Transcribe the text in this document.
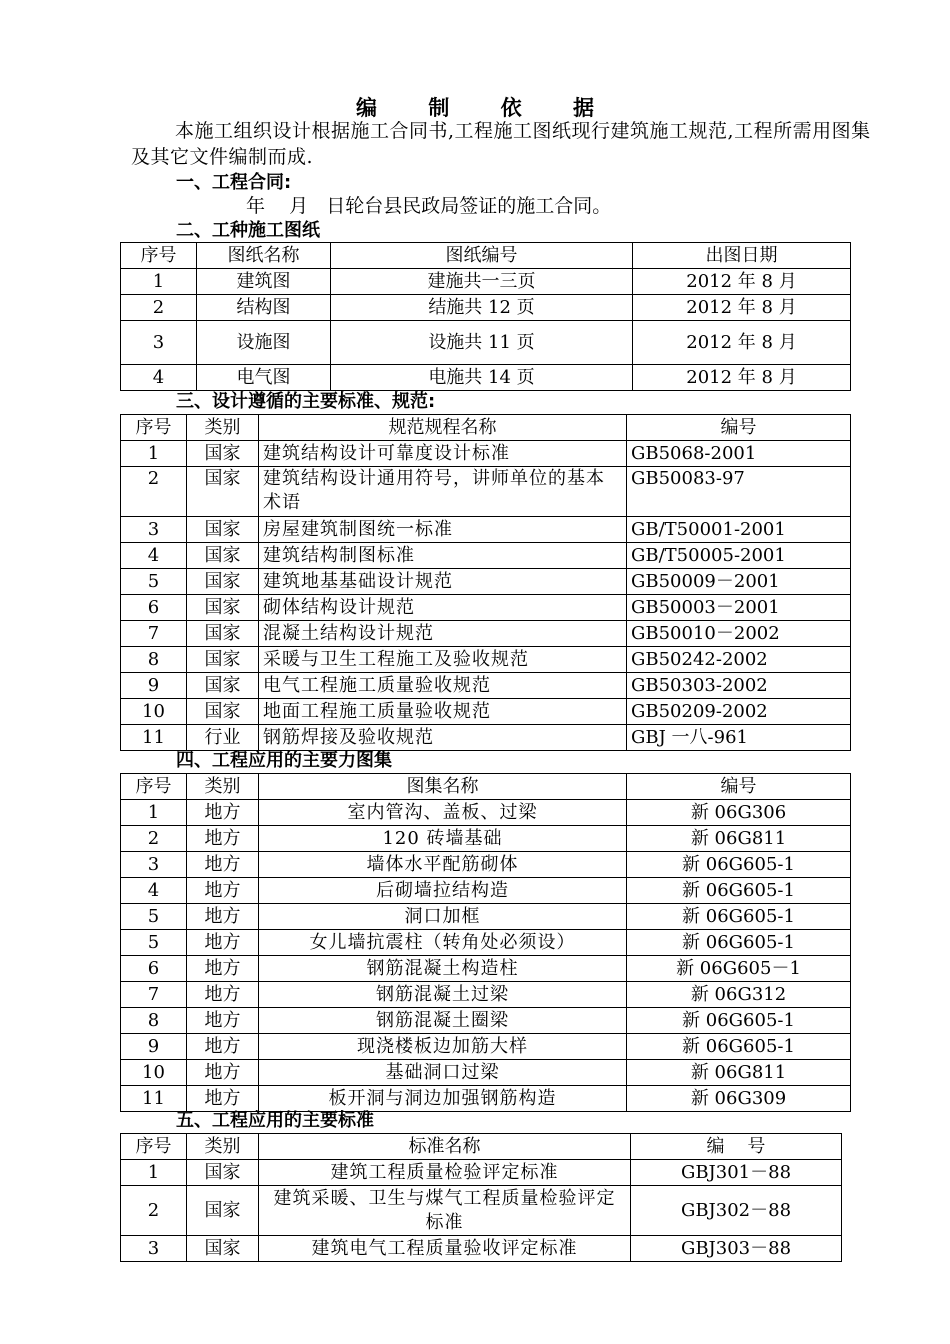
编 制 依 据
本施工组织设计根据施工合同书,工程施工图纸现行建筑施工规范,工程所需用图集及其它文件编制而成.
一、工程合同:
年    月   日轮台县民政局签证的施工合同。
二、工种施工图纸
序号	图纸名称	图纸编号	出图日期
1	建筑图	建施共一三页	2012 年 8 月
2	结构图	结施共 12 页	2012 年 8 月
3	设施图	设施共 11 页	2012 年 8 月
4	电气图	电施共 14 页	2012 年 8 月
三、设计遵循的主要标准、规范:
序号	类别	规范规程名称	编号
1	国家	建筑结构设计可靠度设计标准	GB5068-2001
2	国家	建筑结构设计通用符号，讲师单位的基本术语	GB50083-97
3	国家	房屋建筑制图统一标准	GB/T50001-2001
4	国家	建筑结构制图标准	GB/T50005-2001
5	国家	建筑地基基础设计规范	GB50009－2001
6	国家	砌体结构设计规范	GB50003－2001
7	国家	混凝土结构设计规范	GB50010－2002
8	国家	采暖与卫生工程施工及验收规范	GB50242-2002
9	国家	电气工程施工质量验收规范	GB50303-2002
10	国家	地面工程施工质量验收规范	GB50209-2002
11	行业	钢筋焊接及验收规范	GBJ 一八-961
四、工程应用的主要力图集
序号	类别	图集名称	编号
1	地方	室内管沟、盖板、过梁	新 06G306
2	地方	120 砖墙基础	新 06G811
3	地方	墙体水平配筋砌体	新 06G605-1
4	地方	后砌墙拉结构造	新 06G605-1
5	地方	洞口加框	新 06G605-1
5	地方	女儿墙抗震柱（转角处必须设）	新 06G605-1
6	地方	钢筋混凝土构造柱	新 06G605－1
7	地方	钢筋混凝土过梁	新 06G312
8	地方	钢筋混凝土圈梁	新 06G605-1
9	地方	现浇楼板边加筋大样	新 06G605-1
10	地方	基础洞口过梁	新 06G811
11	地方	板开洞与洞边加强钢筋构造	新 06G309
五、工程应用的主要标准
序号	类别	标准名称	编    号
1	国家	建筑工程质量检验评定标准	GBJ301－88
2	国家	建筑采暖、卫生与煤气工程质量检验评定标准	GBJ302－88
3	国家	建筑电气工程质量验收评定标准	GBJ303－88
